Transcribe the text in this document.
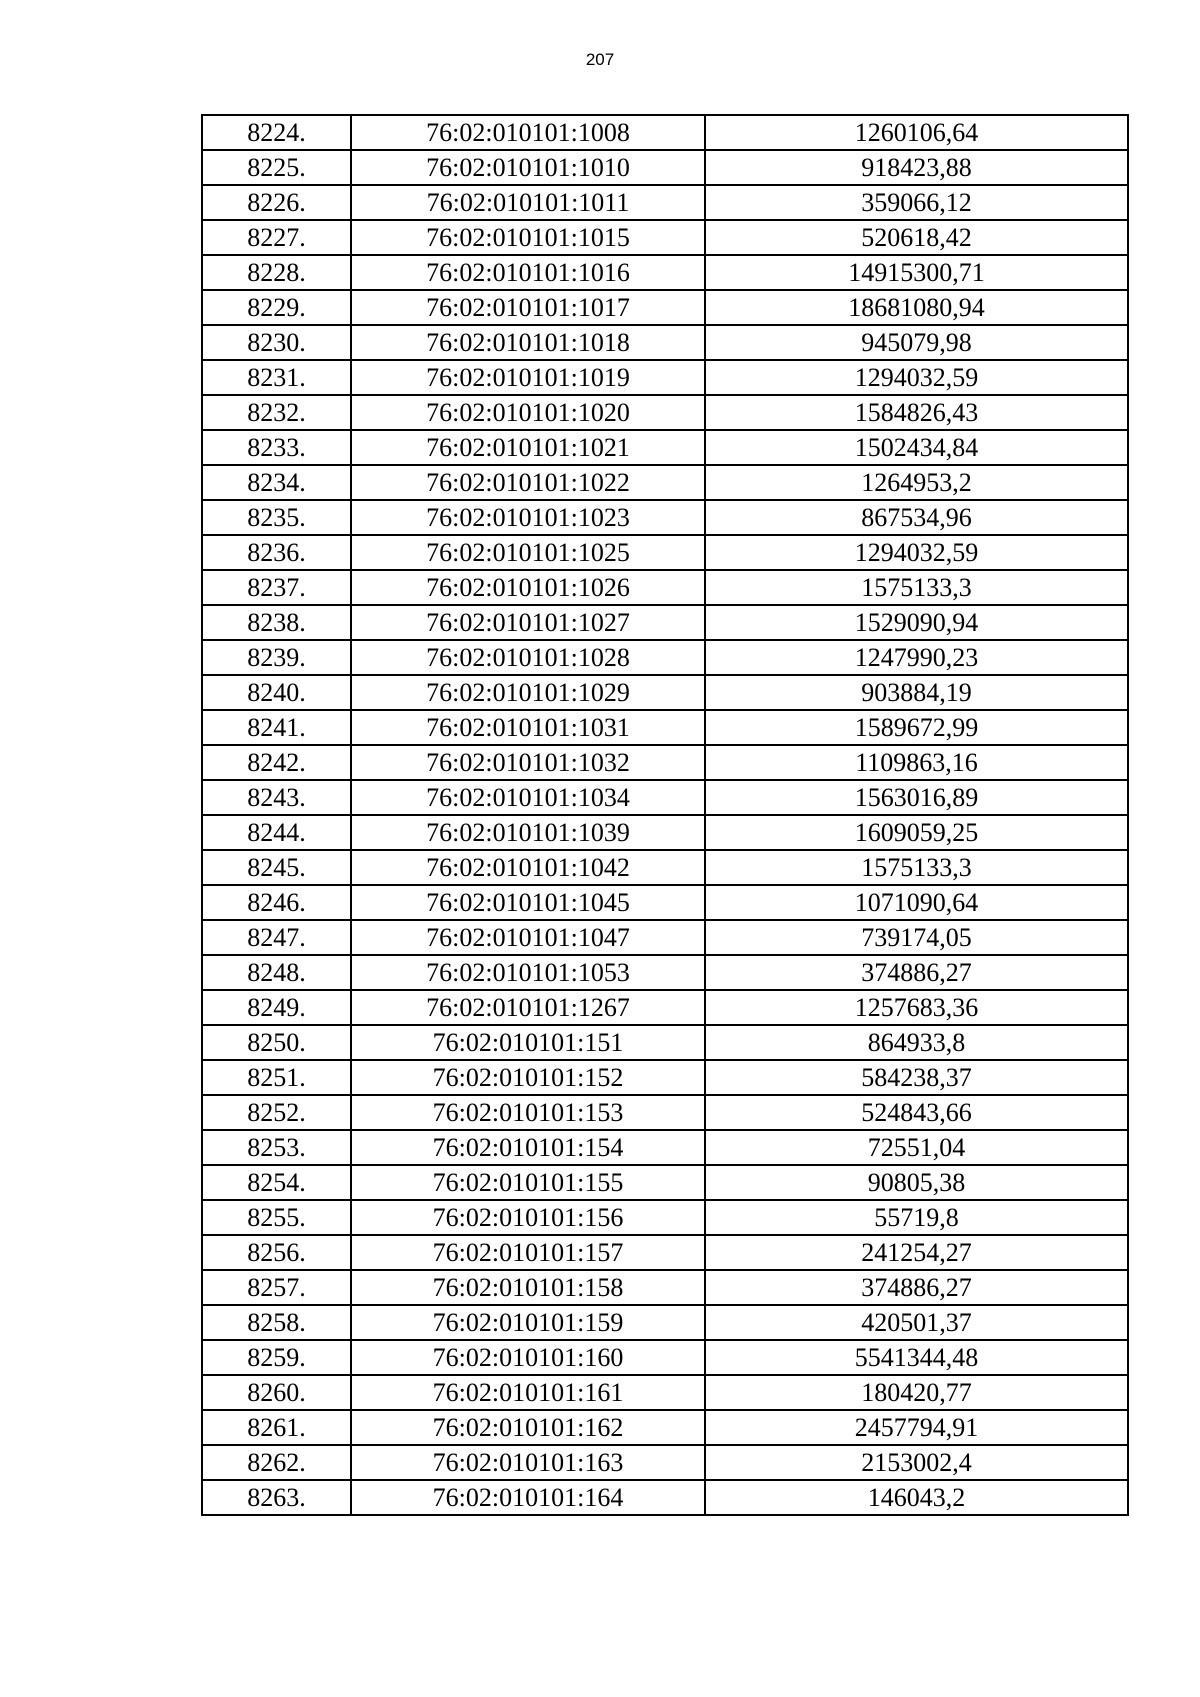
207
8224.	76:02:010101:1008	1260106,64
8225.	76:02:010101:1010	918423,88
8226.	76:02:010101:1011	359066,12
8227.	76:02:010101:1015	520618,42
8228.	76:02:010101:1016	14915300,71
8229.	76:02:010101:1017	18681080,94
8230.	76:02:010101:1018	945079,98
8231.	76:02:010101:1019	1294032,59
8232.	76:02:010101:1020	1584826,43
8233.	76:02:010101:1021	1502434,84
8234.	76:02:010101:1022	1264953,2
8235.	76:02:010101:1023	867534,96
8236.	76:02:010101:1025	1294032,59
8237.	76:02:010101:1026	1575133,3
8238.	76:02:010101:1027	1529090,94
8239.	76:02:010101:1028	1247990,23
8240.	76:02:010101:1029	903884,19
8241.	76:02:010101:1031	1589672,99
8242.	76:02:010101:1032	1109863,16
8243.	76:02:010101:1034	1563016,89
8244.	76:02:010101:1039	1609059,25
8245.	76:02:010101:1042	1575133,3
8246.	76:02:010101:1045	1071090,64
8247.	76:02:010101:1047	739174,05
8248.	76:02:010101:1053	374886,27
8249.	76:02:010101:1267	1257683,36
8250.	76:02:010101:151	864933,8
8251.	76:02:010101:152	584238,37
8252.	76:02:010101:153	524843,66
8253.	76:02:010101:154	72551,04
8254.	76:02:010101:155	90805,38
8255.	76:02:010101:156	55719,8
8256.	76:02:010101:157	241254,27
8257.	76:02:010101:158	374886,27
8258.	76:02:010101:159	420501,37
8259.	76:02:010101:160	5541344,48
8260.	76:02:010101:161	180420,77
8261.	76:02:010101:162	2457794,91
8262.	76:02:010101:163	2153002,4
8263.	76:02:010101:164	146043,2
